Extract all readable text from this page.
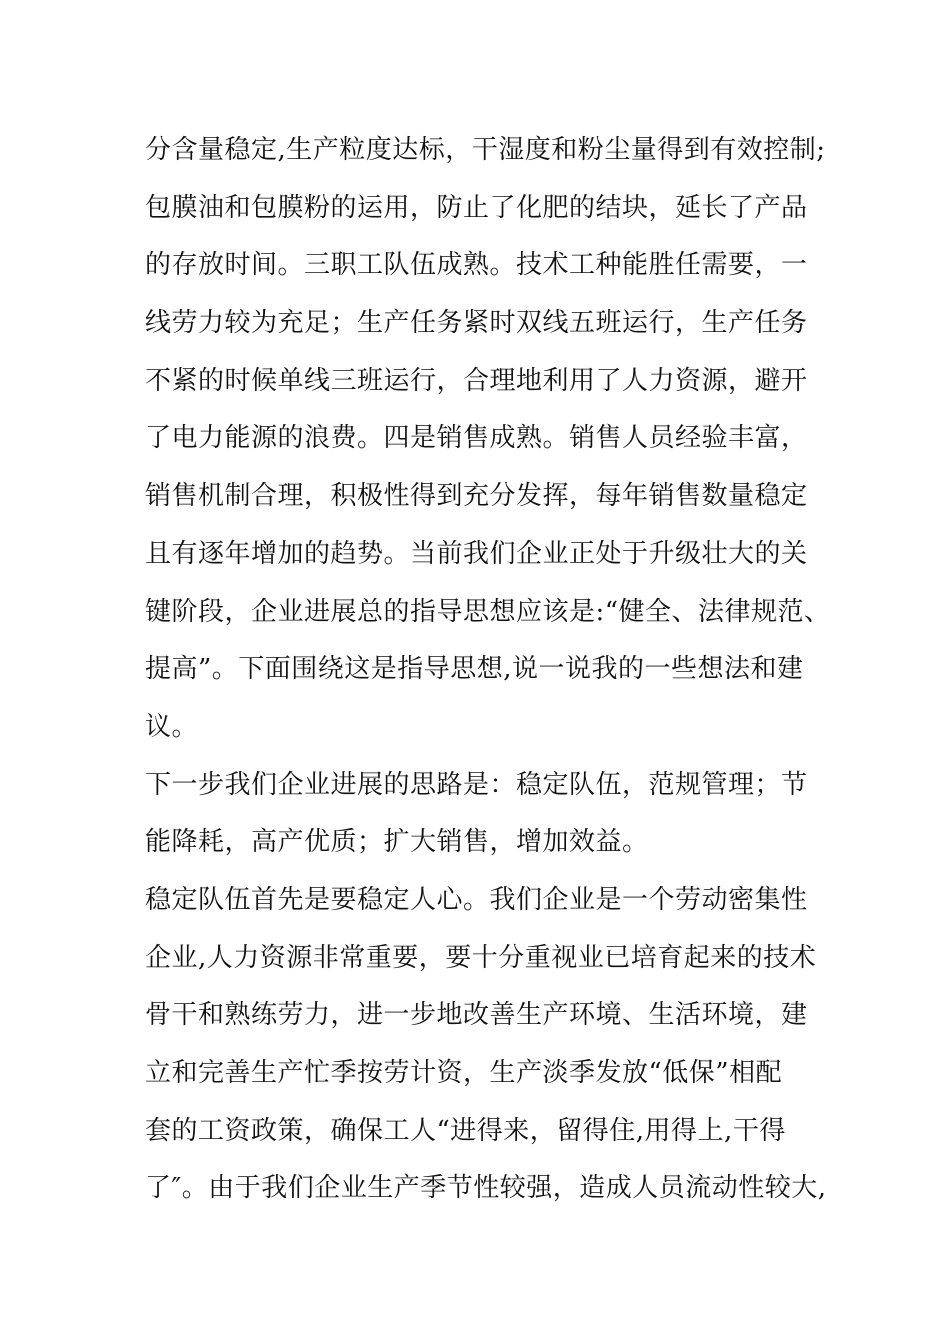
分含量稳定,生产粒度达标，干湿度和粉尘量得到有效控制;
包膜油和包膜粉的运用，防止了化肥的结块，延长了产品
的存放时间。三职工队伍成熟。技术工种能胜任需要，一
线劳力较为充足；生产任务紧时双线五班运行，生产任务
不紧的时候单线三班运行，合理地利用了人力资源，避开
了电力能源的浪费。四是销售成熟。销售人员经验丰富，
销售机制合理，积极性得到充分发挥，每年销售数量稳定
且有逐年增加的趋势。当前我们企业正处于升级壮大的关
键阶段，企业进展总的指导思想应该是:“健全、法律规范、
提高”。下面围绕这是指导思想,说一说我的一些想法和建
议。
下一步我们企业进展的思路是：稳定队伍，范规管理；节
能降耗，高产优质；扩大销售，增加效益。
稳定队伍首先是要稳定人心。我们企业是一个劳动密集性
企业,人力资源非常重要，要十分重视业已培育起来的技术
骨干和熟练劳力，进一步地改善生产环境、生活环境，建
立和完善生产忙季按劳计资，生产淡季发放“低保”相配
套的工资政策，确保工人“进得来，留得住,用得上,干得
了″。由于我们企业生产季节性较强，造成人员流动性较大,
